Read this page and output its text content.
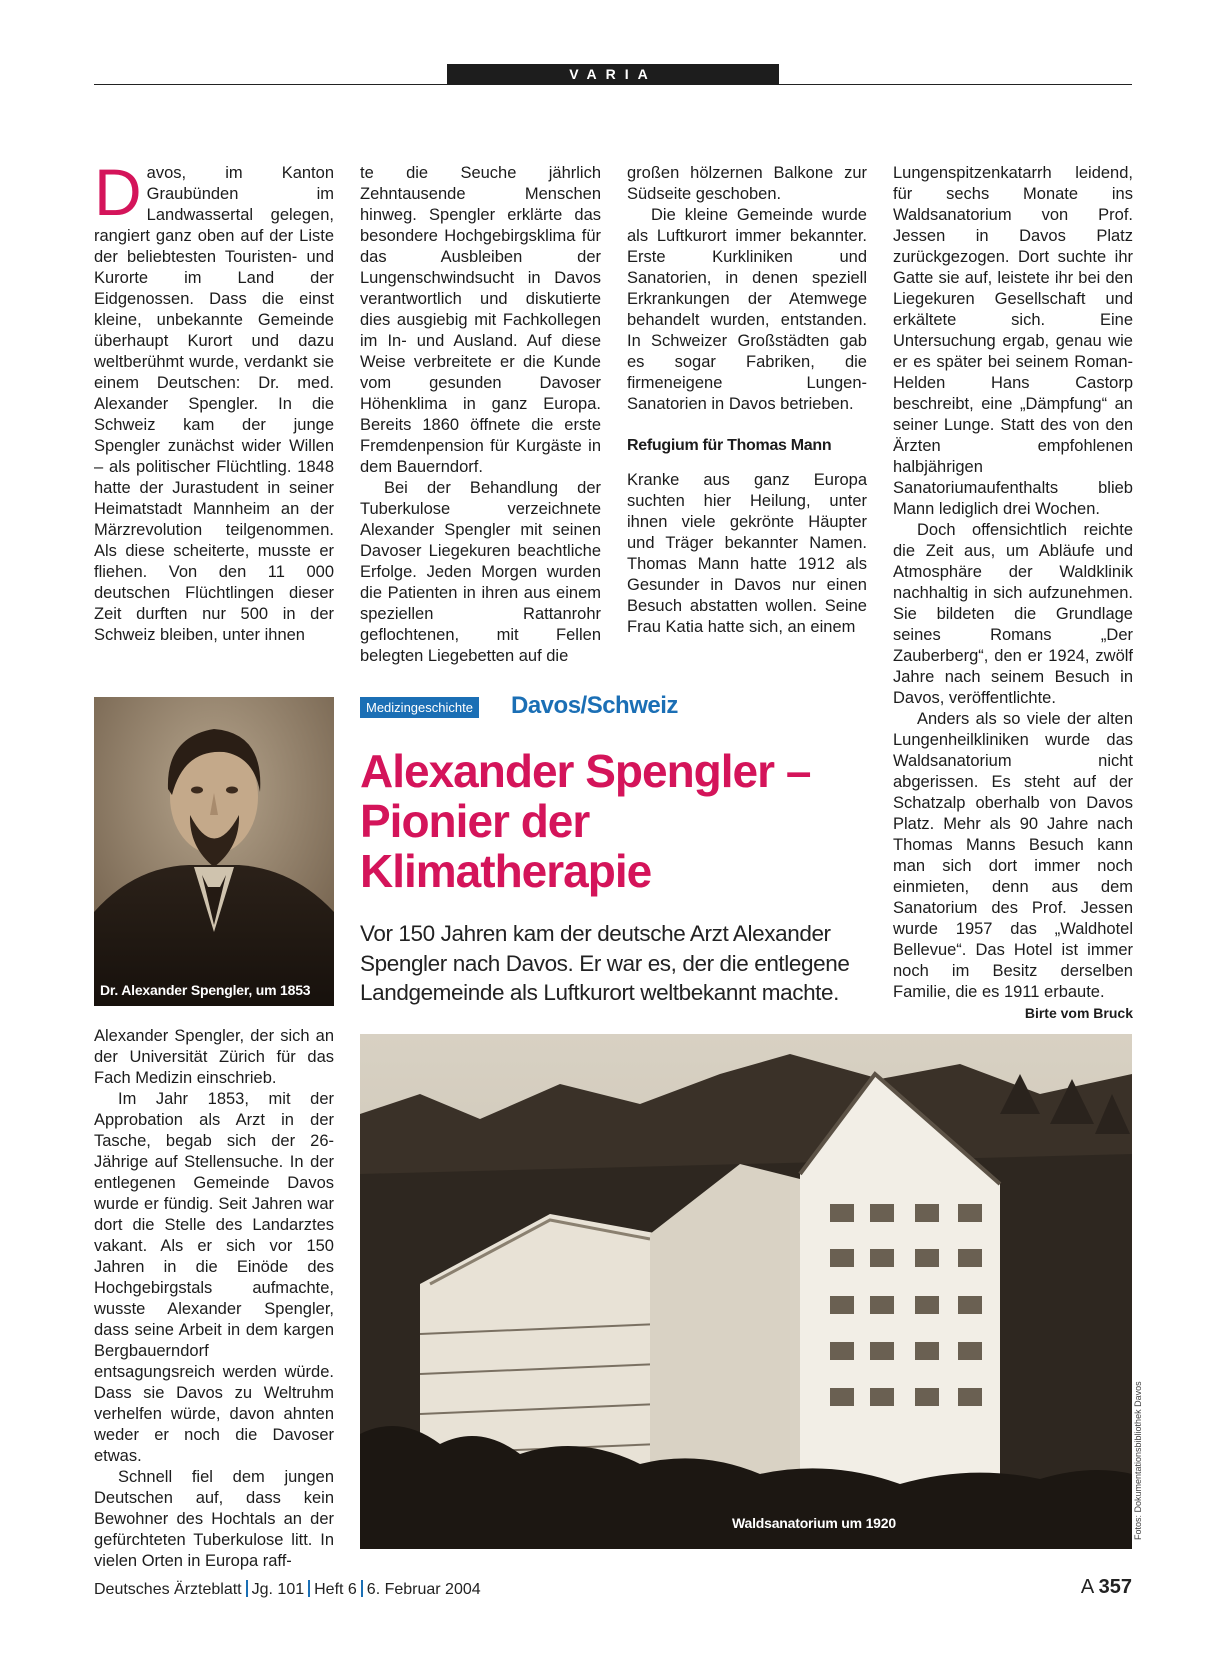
VARIA

Davos, im Kanton Graubünden im Landwassertal gelegen, rangiert ganz oben auf der Liste der beliebtesten Touristen- und Kurorte im Land der Eidgenossen. Dass die einst kleine, unbekannte Gemeinde überhaupt Kurort und dazu weltberühmt wurde, verdankt sie einem Deutschen: Dr. med. Alexander Spengler. In die Schweiz kam der junge Spengler zunächst wider Willen – als politischer Flüchtling. 1848 hatte der Jurastudent in seiner Heimatstadt Mannheim an der Märzrevolution teilgenommen. Als diese scheiterte, musste er fliehen. Von den 11 000 deutschen Flüchtlingen dieser Zeit durften nur 500 in der Schweiz bleiben, unter ihnen

Dr. Alexander Spengler, um 1853

Alexander Spengler, der sich an der Universität Zürich für das Fach Medizin einschrieb.

Im Jahr 1853, mit der Approbation als Arzt in der Tasche, begab sich der 26-Jährige auf Stellensuche. In der entlegenen Gemeinde Davos wurde er fündig. Seit Jahren war dort die Stelle des Landarztes vakant. Als er sich vor 150 Jahren in die Einöde des Hochgebirgstals aufmachte, wusste Alexander Spengler, dass seine Arbeit in dem kargen Bergbauerndorf entsagungsreich werden würde. Dass sie Davos zu Weltruhm verhelfen würde, davon ahnten weder er noch die Davoser etwas.

Schnell fiel dem jungen Deutschen auf, dass kein Bewohner des Hochtals an der gefürchteten Tuberkulose litt. In vielen Orten in Europa raff-

te die Seuche jährlich Zehntausende Menschen hinweg. Spengler erklärte das besondere Hochgebirgsklima für das Ausbleiben der Lungenschwindsucht in Davos verantwortlich und diskutierte dies ausgiebig mit Fachkollegen im In- und Ausland. Auf diese Weise verbreitete er die Kunde vom gesunden Davoser Höhenklima in ganz Europa. Bereits 1860 öffnete die erste Fremdenpension für Kurgäste in dem Bauerndorf.

Bei der Behandlung der Tuberkulose verzeichnete Alexander Spengler mit seinen Davoser Liegekuren beachtliche Erfolge. Jeden Morgen wurden die Patienten in ihren aus einem speziellen Rattanrohr geflochtenen, mit Fellen belegten Liegebetten auf die

großen hölzernen Balkone zur Südseite geschoben.

Die kleine Gemeinde wurde als Luftkurort immer bekannter. Erste Kurkliniken und Sanatorien, in denen speziell Erkrankungen der Atemwege behandelt wurden, entstanden. In Schweizer Großstädten gab es sogar Fabriken, die firmeneigene Lungen-Sanatorien in Davos betrieben.

Refugium für Thomas Mann

Kranke aus ganz Europa suchten hier Heilung, unter ihnen viele gekrönte Häupter und Träger bekannter Namen. Thomas Mann hatte 1912 als Gesunder in Davos nur einen Besuch abstatten wollen. Seine Frau Katia hatte sich, an einem

Lungenspitzenkatarrh leidend, für sechs Monate ins Waldsanatorium von Prof. Jessen in Davos Platz zurückgezogen. Dort suchte ihr Gatte sie auf, leistete ihr bei den Liegekuren Gesellschaft und erkältete sich. Eine Untersuchung ergab, genau wie er es später bei seinem Roman-Helden Hans Castorp beschreibt, eine „Dämpfung“ an seiner Lunge. Statt des von den Ärzten empfohlenen halbjährigen Sanatoriumaufenthalts blieb Mann lediglich drei Wochen.

Doch offensichtlich reichte die Zeit aus, um Abläufe und Atmosphäre der Waldklinik nachhaltig in sich aufzunehmen. Sie bildeten die Grundlage seines Romans „Der Zauberberg“, den er 1924, zwölf Jahre nach seinem Besuch in Davos, veröffentlichte.

Anders als so viele der alten Lungenheilkliniken wurde das Waldsanatorium nicht abgerissen. Es steht auf der Schatzalp oberhalb von Davos Platz. Mehr als 90 Jahre nach Thomas Manns Besuch kann man sich dort immer noch einmieten, denn aus dem Sanatorium des Prof. Jessen wurde 1957 das „Waldhotel Bellevue“. Das Hotel ist immer noch im Besitz derselben Familie, die es 1911 erbaute.
Birte vom Bruck

Medizingeschichte Davos/Schweiz
Alexander Spengler –
Pionier der
Klimatherapie
Vor 150 Jahren kam der deutsche Arzt Alexander Spengler nach Davos. Er war es, der die entlegene Landgemeinde als Luftkurort weltbekannt machte.
Waldsanatorium um 1920	Fotos: Dokumentationsbibliothek Davos
Deutsches Ärzteblatt Jg. 101 Heft 6 6. Februar 2004	A 357
